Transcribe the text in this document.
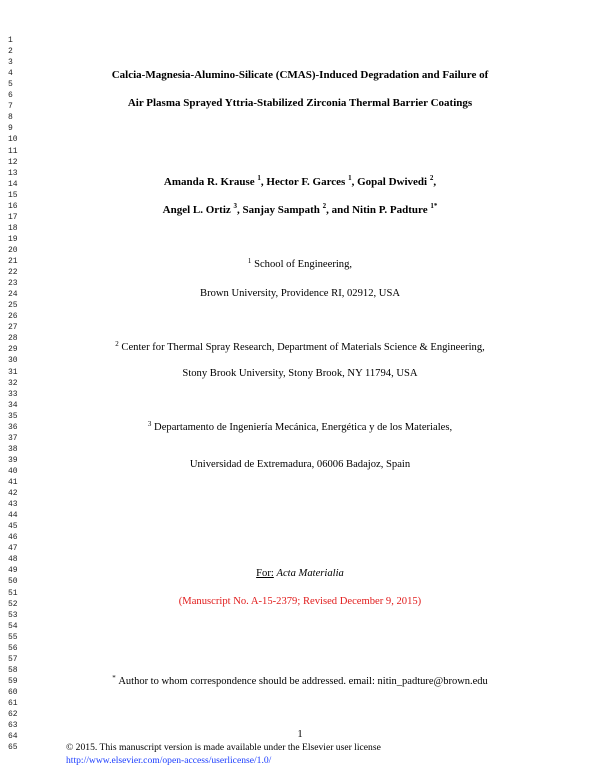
1
2
3
4
5
6
7
8
9
10
11
12
13
14
15
16
17
18
19
20
21
22
23
24
25
26
27
28
29
30
31
32
33
34
35
36
37
38
39
40
41
42
43
44
45
46
47
48
49
50
51
52
53
54
55
56
57
58
59
60
61
62
63
64
65
Calcia-Magnesia-Alumino-Silicate (CMAS)-Induced Degradation and Failure of
Air Plasma Sprayed Yttria-Stabilized Zirconia Thermal Barrier Coatings
Amanda R. Krause $^1$, Hector F. Garces $^1$, Gopal Dwivedi $^2$,
Angel L. Ortiz $^3$, Sanjay Sampath $^2$, and Nitin P. Padture $^{1*}$
$^1$ School of Engineering,
Brown University, Providence RI, 02912, USA
$^2$ Center for Thermal Spray Research, Department of Materials Science & Engineering,
Stony Brook University, Stony Brook, NY 11794, USA
$^3$ Departamento de Ingeniería Mecánica, Energética y de los Materiales,
Universidad de Extremadura, 06006 Badajoz, Spain
For: Acta Materialia
(Manuscript No. A-15-2379; Revised December 9, 2015)
* Author to whom correspondence should be addressed. email: nitin_padture@brown.edu
1
© 2015. This manuscript version is made available under the Elsevier user license
http://www.elsevier.com/open-access/userlicense/1.0/
